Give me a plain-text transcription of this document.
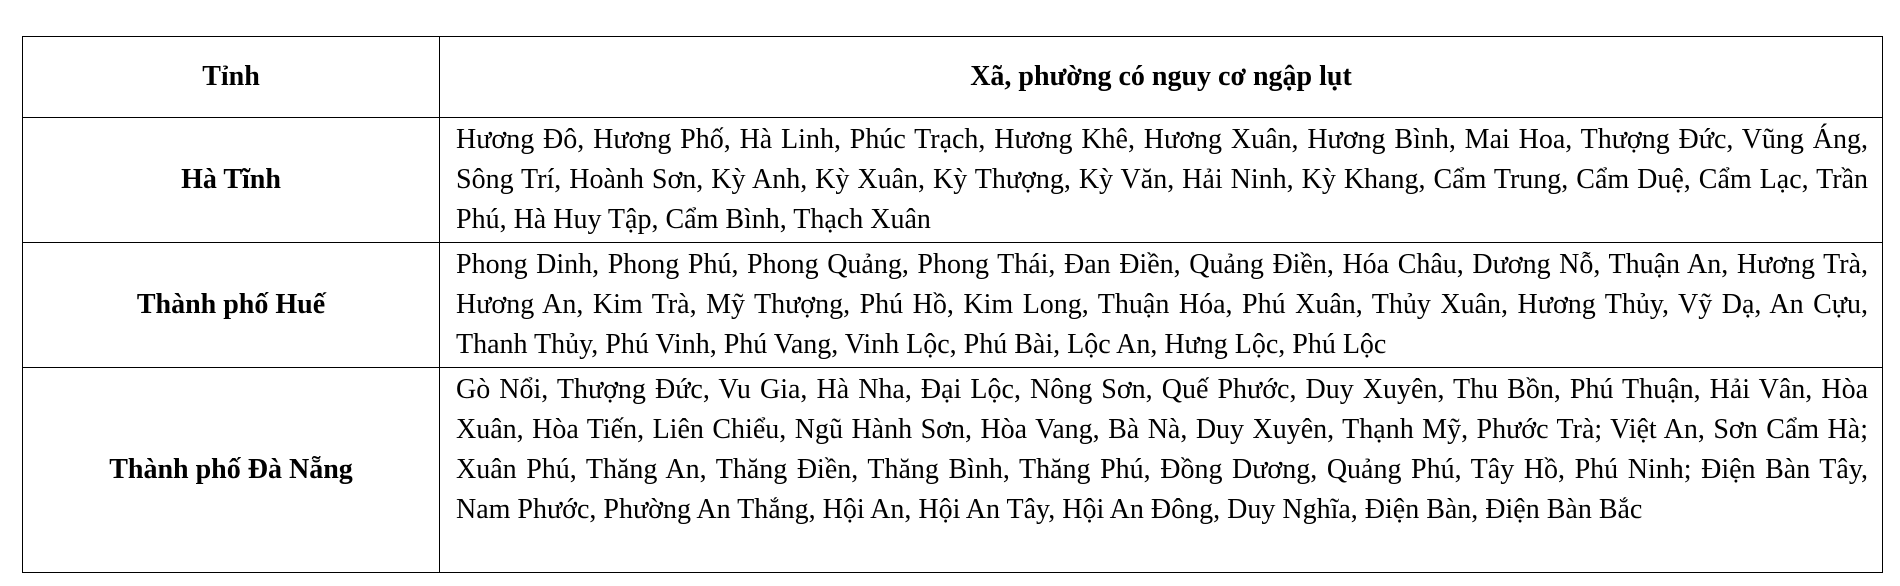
Tỉnh	Xã, phường có nguy cơ ngập lụt
Hà Tĩnh	Hương Đô, Hương Phố, Hà Linh, Phúc Trạch, Hương Khê, Hương Xuân, Hương Bình, Mai Hoa, Thượng Đức, Vũng Áng, Sông Trí, Hoành Sơn, Kỳ Anh, Kỳ Xuân, Kỳ Thượng, Kỳ Văn, Hải Ninh, Kỳ Khang, Cẩm Trung, Cẩm Duệ, Cẩm Lạc, Trần Phú, Hà Huy Tập, Cẩm Bình, Thạch Xuân
Thành phố Huế	Phong Dinh, Phong Phú, Phong Quảng, Phong Thái, Đan Điền, Quảng Điền, Hóa Châu, Dương Nỗ, Thuận An, Hương Trà, Hương An, Kim Trà, Mỹ Thượng, Phú Hồ, Kim Long, Thuận Hóa, Phú Xuân, Thủy Xuân, Hương Thủy, Vỹ Dạ, An Cựu, Thanh Thủy, Phú Vinh, Phú Vang, Vinh Lộc, Phú Bài, Lộc An, Hưng Lộc, Phú Lộc
Thành phố Đà Nẵng	Gò Nổi, Thượng Đức, Vu Gia, Hà Nha, Đại Lộc, Nông Sơn, Quế Phước, Duy Xuyên, Thu Bồn, Phú Thuận, Hải Vân, Hòa Xuân, Hòa Tiến, Liên Chiểu, Ngũ Hành Sơn, Hòa Vang, Bà Nà, Duy Xuyên, Thạnh Mỹ, Phước Trà; Việt An, Sơn Cẩm Hà; Xuân Phú, Thăng An, Thăng Điền, Thăng Bình, Thăng Phú, Đồng Dương, Quảng Phú, Tây Hồ, Phú Ninh; Điện Bàn Tây, Nam Phước, Phường An Thắng, Hội An, Hội An Tây, Hội An Đông, Duy Nghĩa, Điện Bàn, Điện Bàn Bắc
